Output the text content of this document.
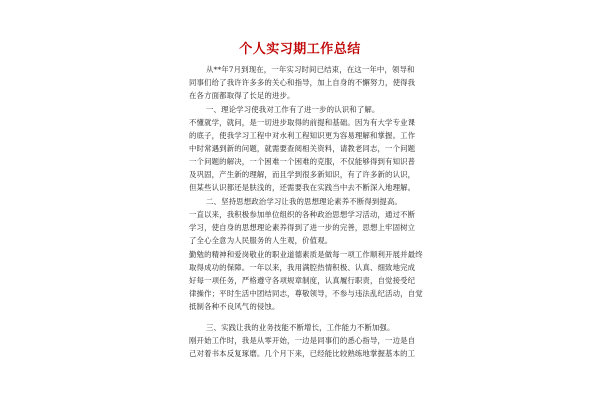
个人实习期工作总结
从**年7月到现在，一年实习时间已结束，在这一年中，领导和
同事们给了我许许多多的关心和指导，加上自身的不懈努力，使得我
在各方面都取得了长足的进步。
一、理论学习使我对工作有了进一步的认识和了解。
不懂就学，就问，是一切进步取得的前提和基础。因为有大学专业课
的底子，使我学习工程中对水利工程知识更为容易理解和掌握。工作
中时常遇到新的问题，就需要查阅相关资料，请教老同志，一个问题
一个问题的解决，一个困难一个困难的克服，不仅能够得到有知识普
及巩固，产生新的理解，而且学到很多新知识，有了许多新的认识，
但某些认识都还是肤浅的，还需要我在实践当中去不断深入地理解。
二、坚持思想政治学习让我的思想理论素养不断得到提高。
一直以来，我积极参加单位组织的各种政治思想学习活动，通过不断
学习，使自身的思想理论素养得到了进一步的完善，思想上牢固树立
了全心全意为人民服务的人生观，价值观。
勤勉的精神和爱岗敬业的职业道德素质是做每一项工作顺利开展并最终
取得成功的保障。一年以来，我用满腔热情积极、认真、细致地完成
好每一项任务，严格遵守各项规章制度，认真履行职责，自觉接受纪
律操作；平时生活中团结同志，尊敬领导，不参与违法乱纪活动，自觉
抵制各种不良风气的侵蚀。
三、实践让我的业务技能不断增长，工作能力不断加强。
刚开始工作时，我是从零开始，一边是同事们的悉心指导，一边是自
己对着书本反复琢磨。几个月下来，已经能比较熟练地掌握基本的工
